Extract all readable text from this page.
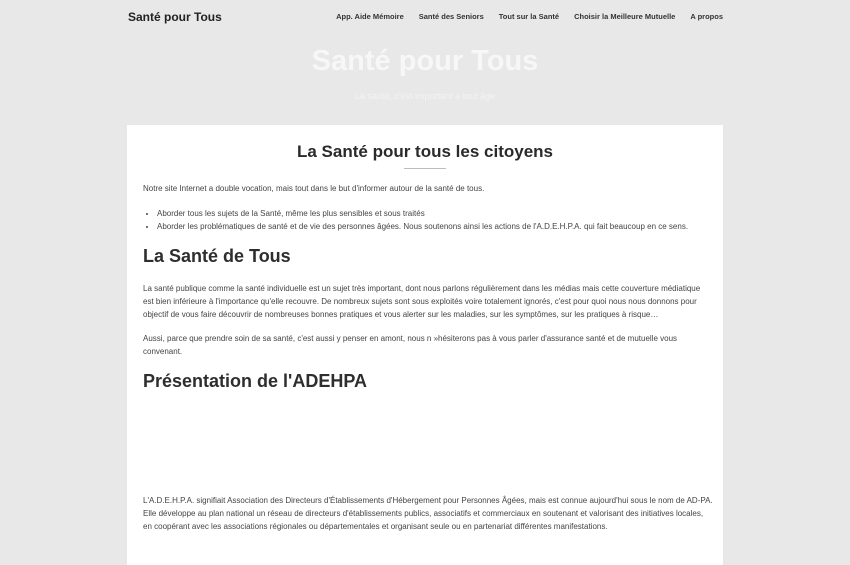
Santé pour Tous	App. Aide Mémoire Santé des Seniors Tout sur la Santé Choisir la Meilleure Mutuelle A propos
Santé pour Tous
La santé, c'est important à tout âge
La Santé pour tous les citoyens

Notre site Internet a double vocation, mais tout dans le but d'informer autour de la santé de tous.

• Aborder tous les sujets de la Santé, même les plus sensibles et sous traités
• Aborder les problématiques de santé et de vie des personnes âgées. Nous soutenons ainsi les actions de l'A.D.E.H.P.A. qui fait beaucoup en ce sens.
La Santé de Tous

La santé publique comme la santé individuelle est un sujet très important, dont nous parlons régulièrement dans les médias mais cette couverture médiatique est bien inférieure à l'importance qu'elle recouvre. De nombreux sujets sont sous exploités voire totalement ignorés, c'est pour quoi nous nous donnons pour objectif de vous faire découvrir de nombreuses bonnes pratiques et vous alerter sur les maladies, sur les symptômes, sur les pratiques à risque…

Aussi, parce que prendre soin de sa santé, c'est aussi y penser en amont, nous n »hésiterons pas à vous parler d'assurance santé et de mutuelle vous convenant.

Présentation de l'ADEHPA

L'A.D.E.H.P.A. signifiait Association des Directeurs d'Établissements d'Hébergement pour Personnes Âgées, mais est connue aujourd'hui sous le nom de AD-PA. Elle développe au plan national un réseau de directeurs d'établissements publics, associatifs et commerciaux en soutenant et valorisant des initiatives locales, en coopérant avec les associations régionales ou départementales et organisant seule ou en partenariat différentes manifestations.
